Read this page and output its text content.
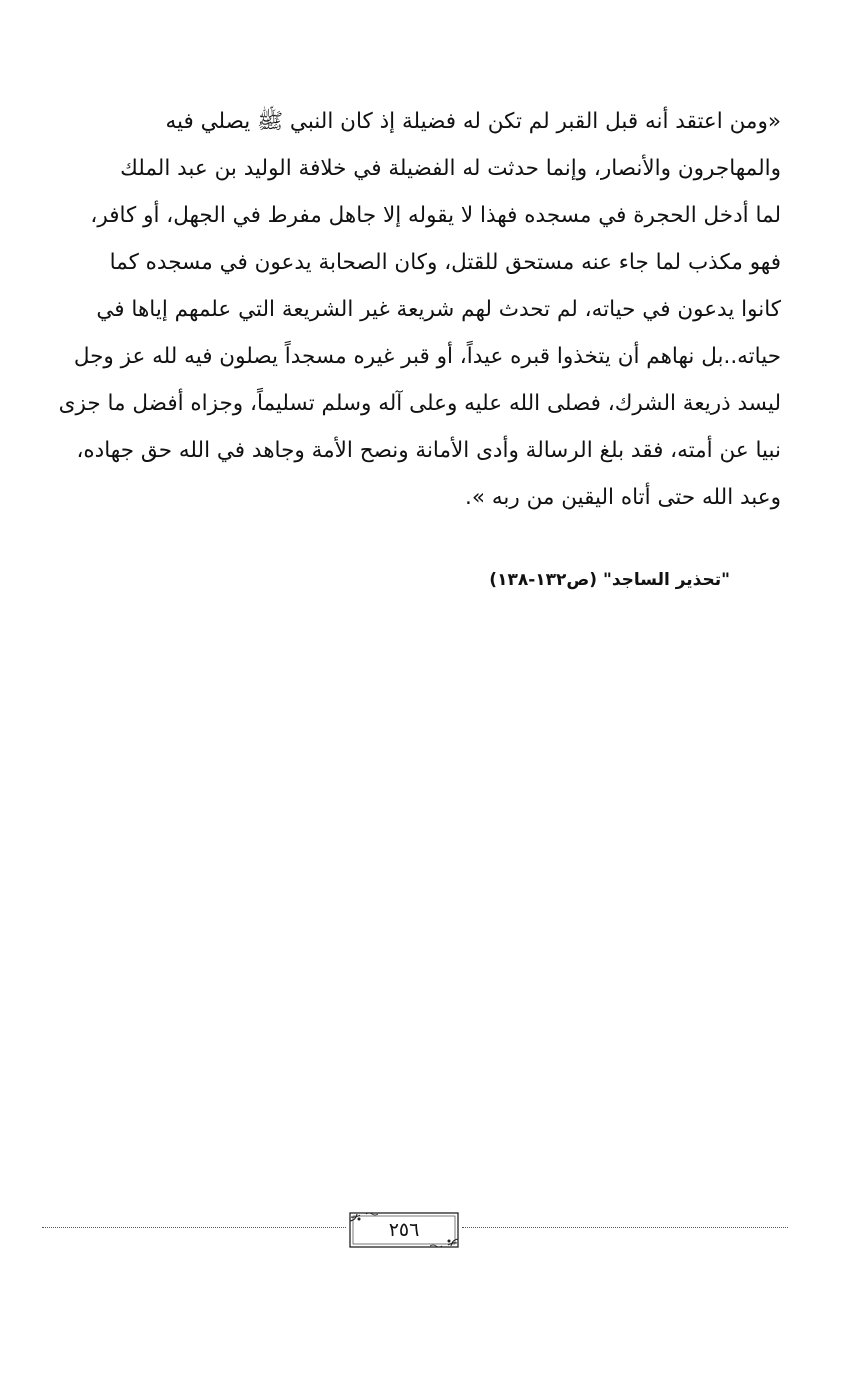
«ومن اعتقد أنه قبل القبر لم تكن له فضيلة إذ كان النبي ﷺ يصلي فيه
والمهاجرون والأنصار، وإنما حدثت له الفضيلة في خلافة الوليد بن عبد الملك
لما أدخل الحجرة في مسجده فهذا لا يقوله إلا جاهل مفرط في الجهل، أو كافر،
فهو مكذب لما جاء عنه مستحق للقتل، وكان الصحابة يدعون في مسجده كما
كانوا يدعون في حياته، لم تحدث لهم شريعة غير الشريعة التي علمهم إياها في
حياته..بل نهاهم أن يتخذوا قبره عيداً، أو قبر غيره مسجداً يصلون فيه لله عز وجل
ليسد ذريعة الشرك، فصلى الله عليه وعلى آله وسلم تسليماً، وجزاه أفضل ما جزى
نبيا عن أمته، فقد بلغ الرسالة وأدى الأمانة ونصح الأمة وجاهد في الله حق جهاده،
وعبد الله حتى أتاه اليقين من ربه ».
"تحذير الساجد" (ص١٣٢-١٣٨)
٢٥٦
